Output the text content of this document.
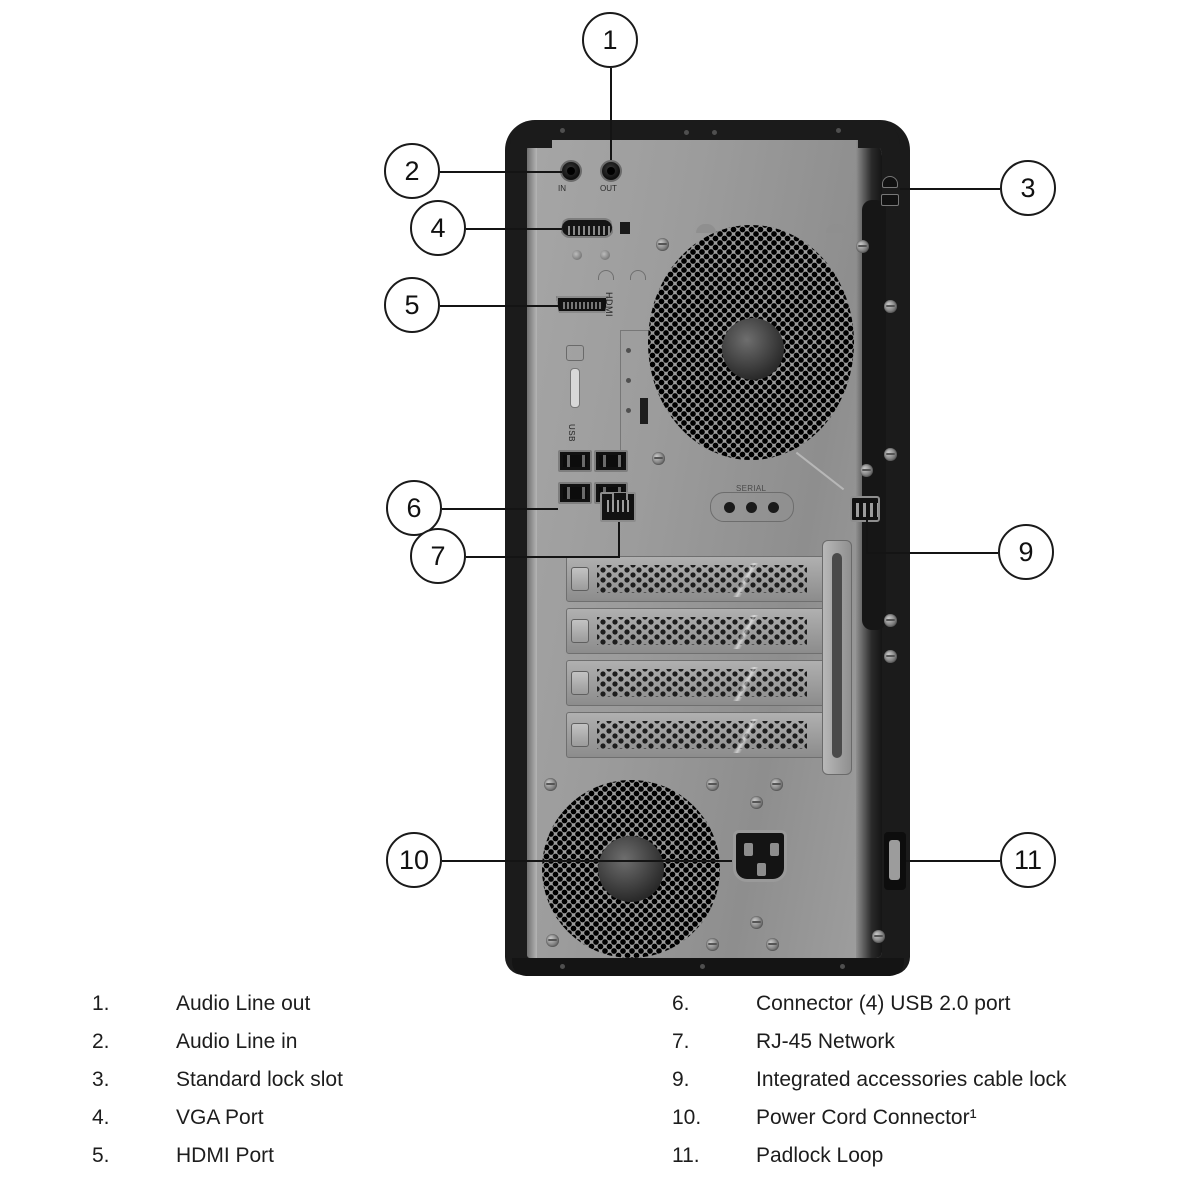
IN	OUT
HDMI
USB
SERIAL
1
2
3
4
5
6
7	9
10	11
1.	Audio Line out
2.	Audio Line in
3.	Standard lock slot
4.	VGA Port
5.	HDMI Port
6.	Connector (4) USB 2.0 port
7.	RJ-45 Network
9.	Integrated accessories cable lock
10.	Power Cord Connector¹
11.	Padlock Loop
